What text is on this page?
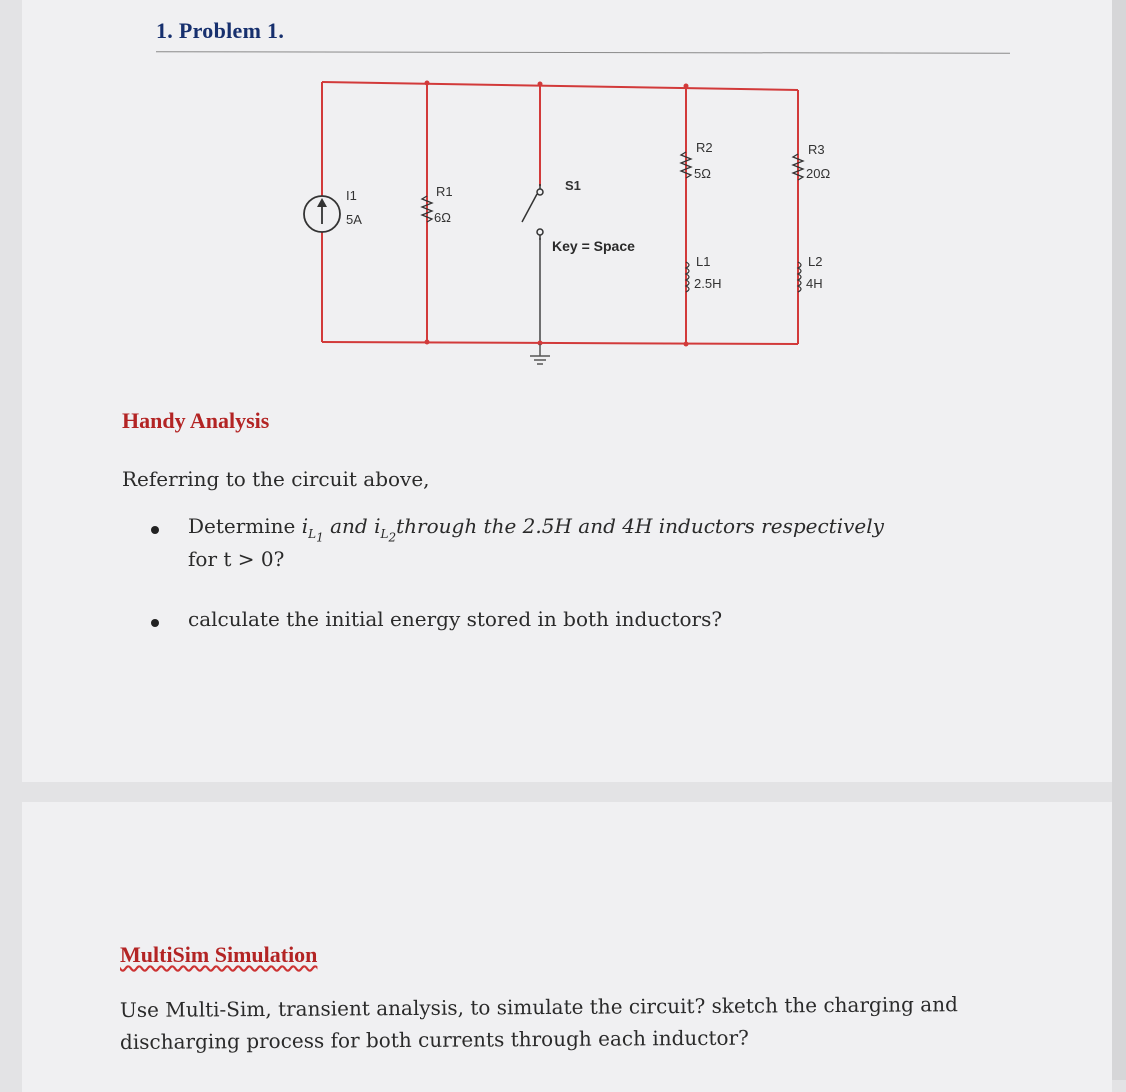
1. Problem 1.
I1
5A
R1
6Ω
S1
Key = Space
R2
5Ω
L1
2.5H
R3
20Ω
L2
4H
Handy Analysis
Referring to the circuit above,
Determine $i_{L_1}$ and $i_{L_2}through$ the 2.5H and 4H inductors respectively
for t > 0?
calculate the initial energy stored in both inductors?
MultiSim Simulation
Use Multi-Sim, transient analysis, to simulate the circuit? sketch the charging and
discharging process for both currents through each inductor?
